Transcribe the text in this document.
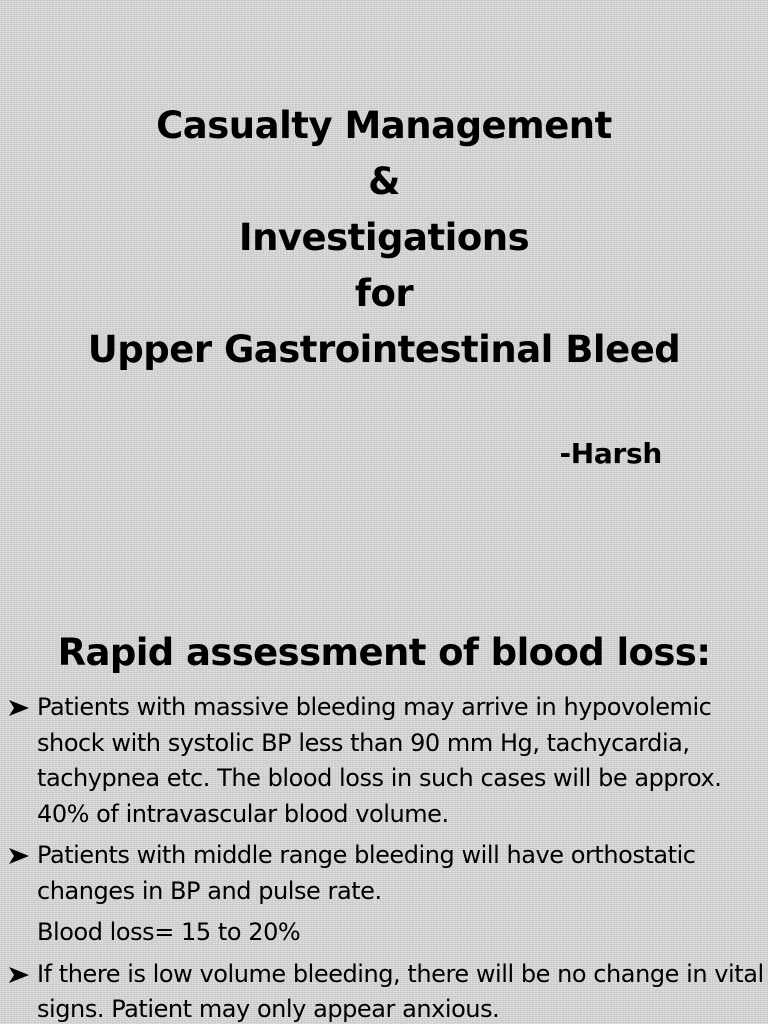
Casualty Management
&
Investigations
for
Upper Gastrointestinal Bleed
-Harsh
Rapid assessment of blood loss:
Patients with massive bleeding may arrive in hypovolemic shock with systolic BP less than 90 mm Hg, tachycardia, tachypnea etc. The blood loss in such cases will be approx. 40% of intravascular blood volume.
Patients with middle range bleeding will have orthostatic changes in BP and pulse rate.
Blood loss= 15 to 20%
If there is low volume bleeding, there will be no change in vital signs. Patient may only appear anxious.
